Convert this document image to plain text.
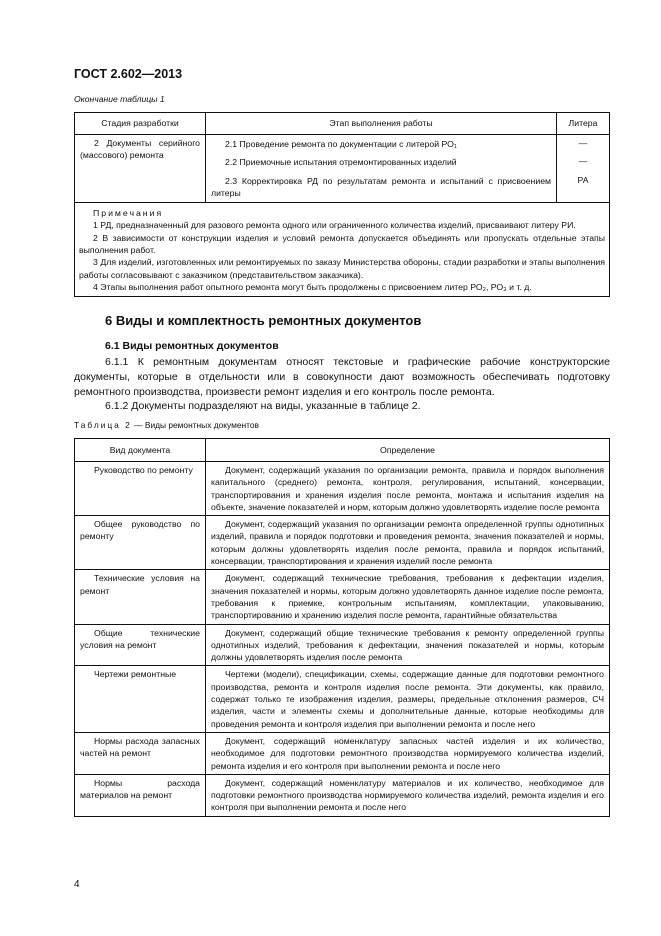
ГОСТ 2.602—2013
Окончание таблицы 1
Стадия разработки	Этап выполнения работы	Литера
2 Документы серийного (массового) ремонта	2.1 Проведение ремонта по документации с литерой РО₁	—
	2.2 Приемочные испытания отремонтированных изделий	—
	2.3 Корректировка РД по результатам ремонта и испытаний с присвоением литеры	РА

Примечания

1 РД, предназначенный для разового ремонта одного или ограниченного количества изделий, присваивают литеру РИ.

2 В зависимости от конструкции изделия и условий ремонта допускается объединять или пропускать отдельные этапы выполнения работ.

3 Для изделий, изготовленных или ремонтируемых по заказу Министерства обороны, стадии разработки и этапы выполнения работы согласовывают с заказчиком (представительством заказчика).

4 Этапы выполнения работ опытного ремонта могут быть продолжены с присвоением литер РО₂, РО₃ и т. д.		

6 Виды и комплектность ремонтных документов
6.1 Виды ремонтных документов

6.1.1 К ремонтным документам относят текстовые и графические рабочие конструкторские документы, которые в отдельности или в совокупности дают возможность обеспечивать подготовку ремонтного производства, произвести ремонт изделия и его контроль после ремонта.

6.1.2 Документы подразделяют на виды, указанные в таблице 2.

Таблица 2 — Виды ремонтных документов
Вид документа	Определение
Руководство по ремонту	Документ, содержащий указания по организации ремонта, правила и порядок выполнения капитального (среднего) ремонта, контроля, регулирования, испытаний, консервации, транспортирования и хранения изделия после ремонта, монтажа и испытания изделия на объекте, значение показателей и норм, которым должно удовлетворять изделие после ремонта
Общее руководство по ремонту	Документ, содержащий указания по организации ремонта определенной группы однотипных изделий, правила и порядок подготовки и проведения ремонта, значения показателей и нормы, которым должны удовлетворять изделия после ремонта, правила и порядок испытаний, консервации, транспортирования и хранения изделий после ремонта
Технические условия на ремонт	Документ, содержащий технические требования, требования к дефектации изделия, значения показателей и нормы, которым должно удовлетворять данное изделие после ремонта, требования к приемке, контрольным испытаниям, комплектации, упаковыванию, транспортированию и хранению изделия после ремонта, гарантийные обязательства
Общие технические условия на ремонт	Документ, содержащий общие технические требования к ремонту определенной группы однотипных изделий, требования к дефектации, значения показателей и нормы, которым должны удовлетворять изделия после ремонта
Чертежи ремонтные	Чертежи (модели), спецификации, схемы, содержащие данные для подготовки ремонтного производства, ремонта и контроля изделия после ремонта. Эти документы, как правило, содержат только те изображения изделия, размеры, предельные отклонения размеров, СЧ изделия, части и элементы схемы и дополнительные данные, которые необходимы для проведения ремонта и контроля изделия при выполнении ремонта и после него
Нормы расхода запасных частей на ремонт	Документ, содержащий номенклатуру запасных частей изделия и их количество, необходимое для подготовки ремонтного производства нормируемого количества изделий, ремонта изделия и его контроля при выполнении ремонта и после него
Нормы расхода материалов на ремонт	Документ, содержащий номенклатуру материалов и их количество, необходимое для подготовки ремонтного производства нормируемого количества изделий, ремонта изделия и его контроля при выполнении ремонта и после него
4
